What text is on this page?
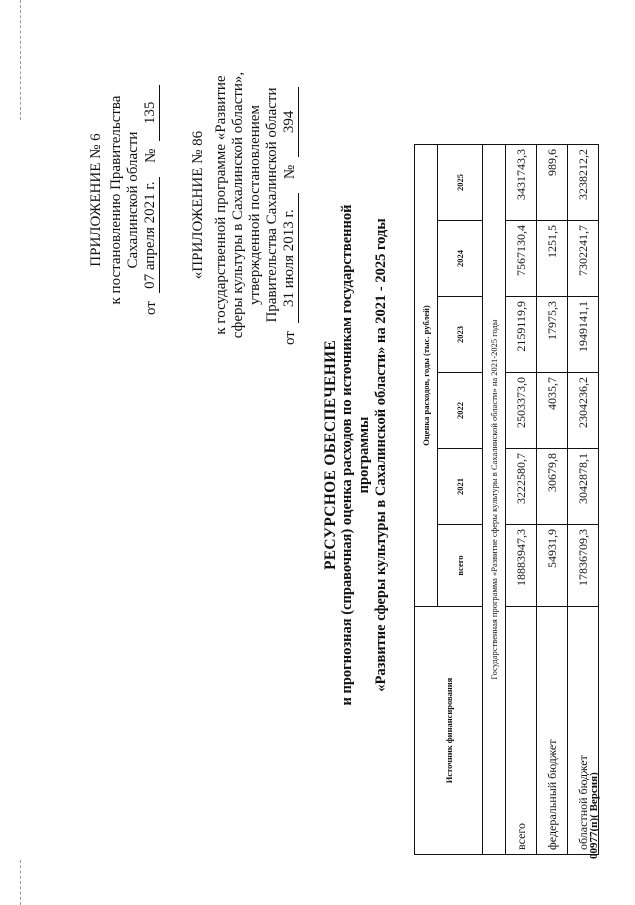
ПРИЛОЖЕНИЕ № 6 к постановлению Правительства Сахалинской области
от
07 апреля 2021 г.
№
135
«ПРИЛОЖЕНИЕ № 86 к государственной программе «Развитие сферы культуры в Сахалинской области», утвержденной постановлением Правительства Сахалинской области
от
31 июля 2013 г.
№
394
РЕСУРСНОЕ ОБЕСПЕЧЕНИЕ и прогнозная (справочная) оценка расходов по источникам государственной программы «Развитие сферы культуры в Сахалинской области» на 2021 - 2025 годы
Источник финансирования	Оценка расходов, годы (тыс. рублей)					
	всего	2021	2022	2023	2024	2025
Государственная программа «Развитие сферы культуры в Сахалинской области» на 2021-2025 годы						
всего	18883947,3	3222580,7	2503373,0	2159119,9	7567130,4	3431743,3
федеральный бюджет	54931,9	30679,8	4035,7	17975,3	1251,5	989,6
областной бюджет	17836709,3	3042878,1	2304236,2	1949141,1	7302241,7	3238212,2
00977(п)( Версия)
